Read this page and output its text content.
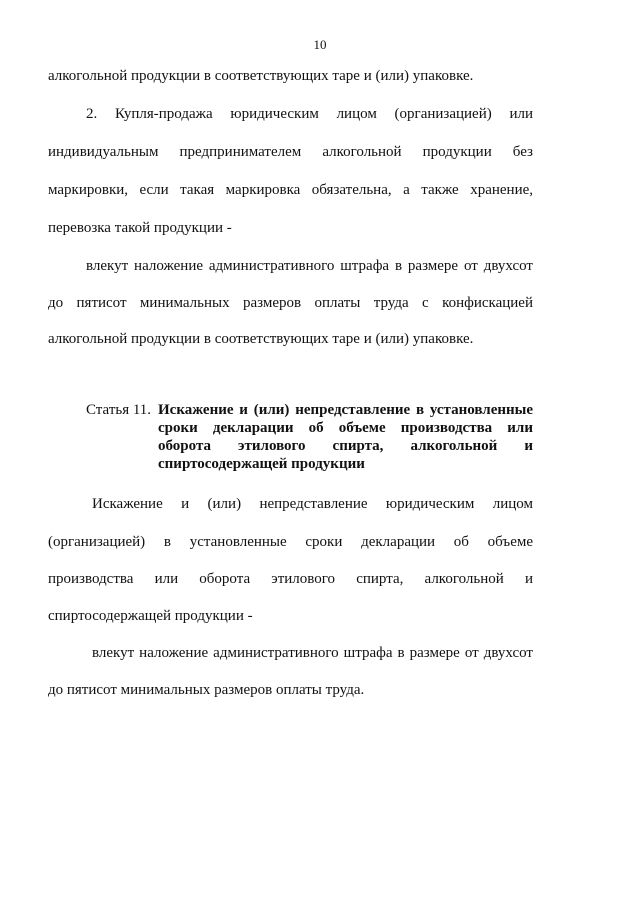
10
алкогольной продукции в соответствующих таре и (или) упаковке.
2. Купля-продажа юридическим лицом (организацией) или
индивидуальным предпринимателем алкогольной продукции без
маркировки, если такая маркировка обязательна, а также хранение,
перевозка такой продукции -
влекут наложение административного штрафа в размере от двухсот
до пятисот минимальных размеров оплаты труда с конфискацией
алкогольной продукции в соответствующих таре и (или) упаковке.
Статья 11. Искажение и (или) непредставление в установленные
сроки декларации об объеме производства или
оборота этилового спирта, алкогольной и
спиртосодержащей продукции
Искажение и (или) непредставление юридическим лицом
(организацией) в установленные сроки декларации об объеме
производства или оборота этилового спирта, алкогольной и
спиртосодержащей продукции -
влекут наложение административного штрафа в размере от двухсот
до пятисот минимальных размеров оплаты труда.
